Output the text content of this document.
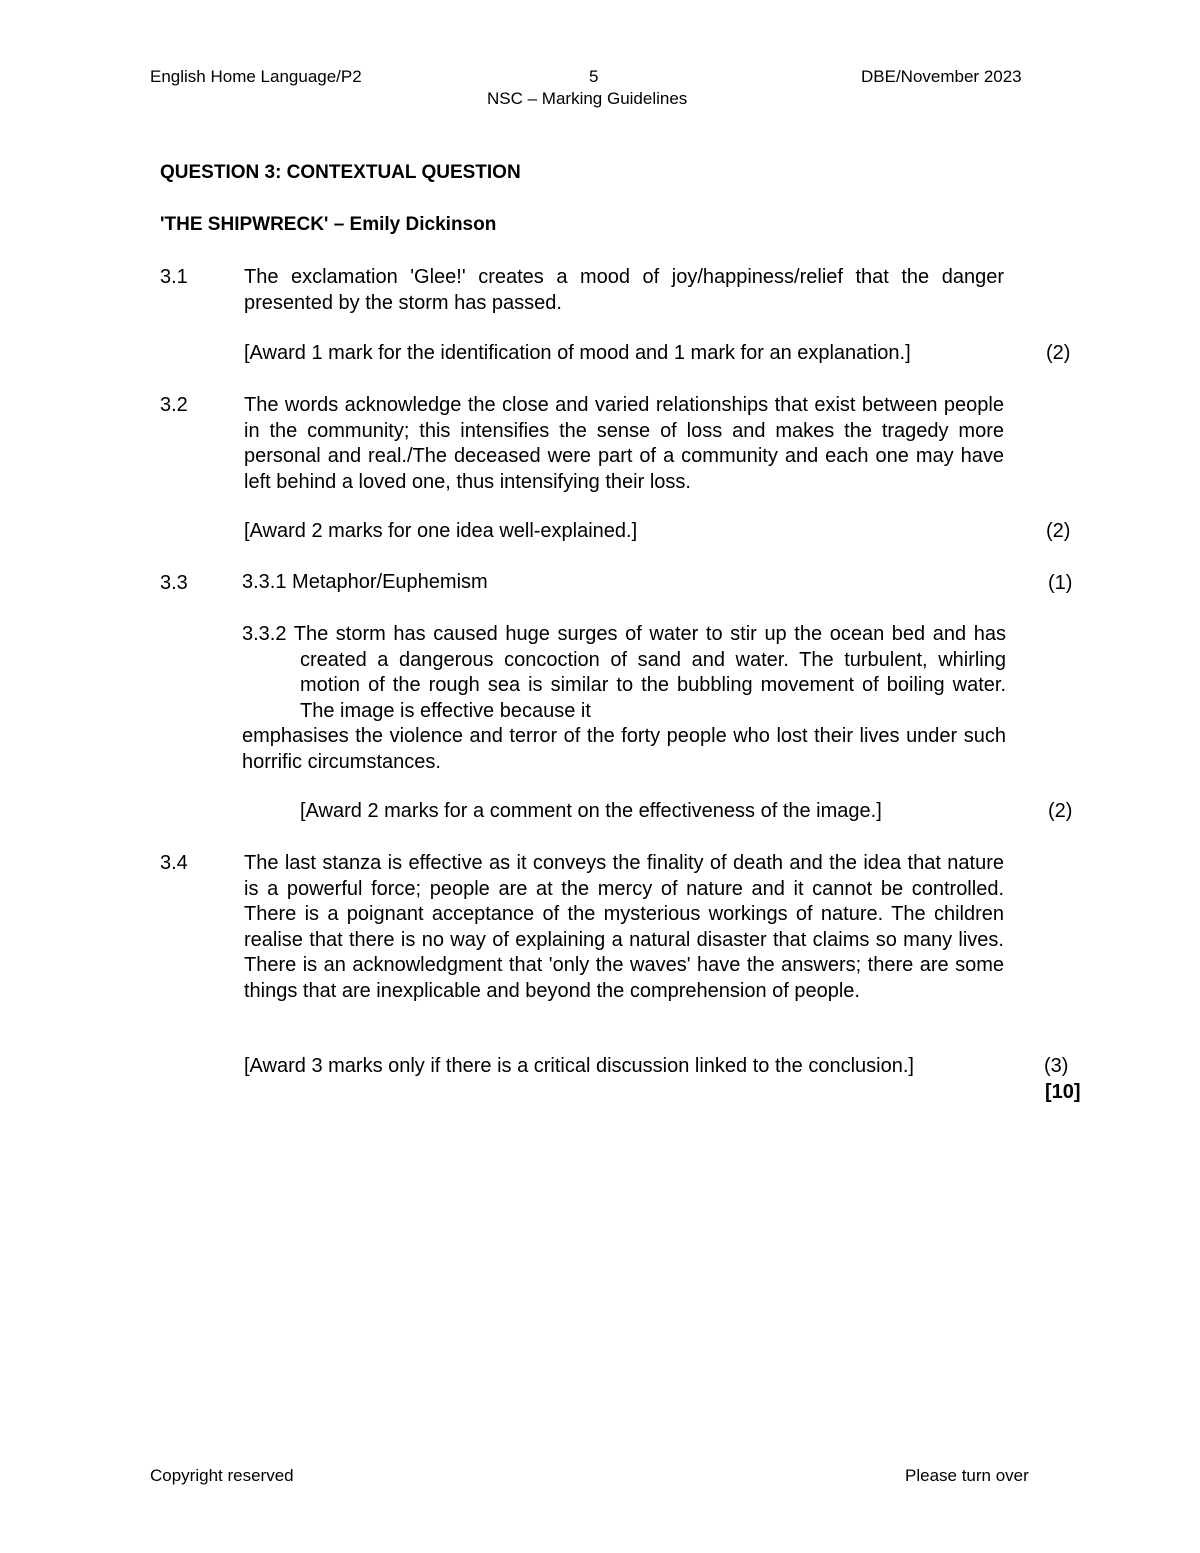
English Home Language/P2	5	DBE/November 2023
NSC – Marking Guidelines
QUESTION 3: CONTEXTUAL QUESTION
'THE SHIPWRECK' – Emily Dickinson
3.1	The exclamation 'Glee!' creates a mood of joy/happiness/relief that the danger presented by the storm has passed.
[Award 1 mark for the identification of mood and 1 mark for an explanation.]	(2)
3.2	The words acknowledge the close and varied relationships that exist between people in the community; this intensifies the sense of loss and makes the tragedy more personal and real./The deceased were part of a community and each one may have left behind a loved one, thus intensifying their loss.
[Award 2 marks for one idea well-explained.]	(2)
3.3	3.3.1 Metaphor/Euphemism	(1)
3.3.2 The storm has caused huge surges of water to stir up the ocean bed and has created a dangerous concoction of sand and water. The turbulent, whirling motion of the rough sea is similar to the bubbling movement of boiling water. The image is effective because it
emphasises the violence and terror of the forty people who lost their lives under such horrific circumstances.
[Award 2 marks for a comment on the effectiveness of the image.]	(2)
3.4	The last stanza is effective as it conveys the finality of death and the idea that nature is a powerful force; people are at the mercy of nature and it cannot be controlled. There is a poignant acceptance of the mysterious workings of nature. The children realise that there is no way of explaining a natural disaster that claims so many lives. There is an acknowledgment that 'only the waves' have the answers; there are some things that are inexplicable and beyond the comprehension of people.
[Award 3 marks only if there is a critical discussion linked to the conclusion.]	(3)
[10]
Copyright reserved	Please turn over
